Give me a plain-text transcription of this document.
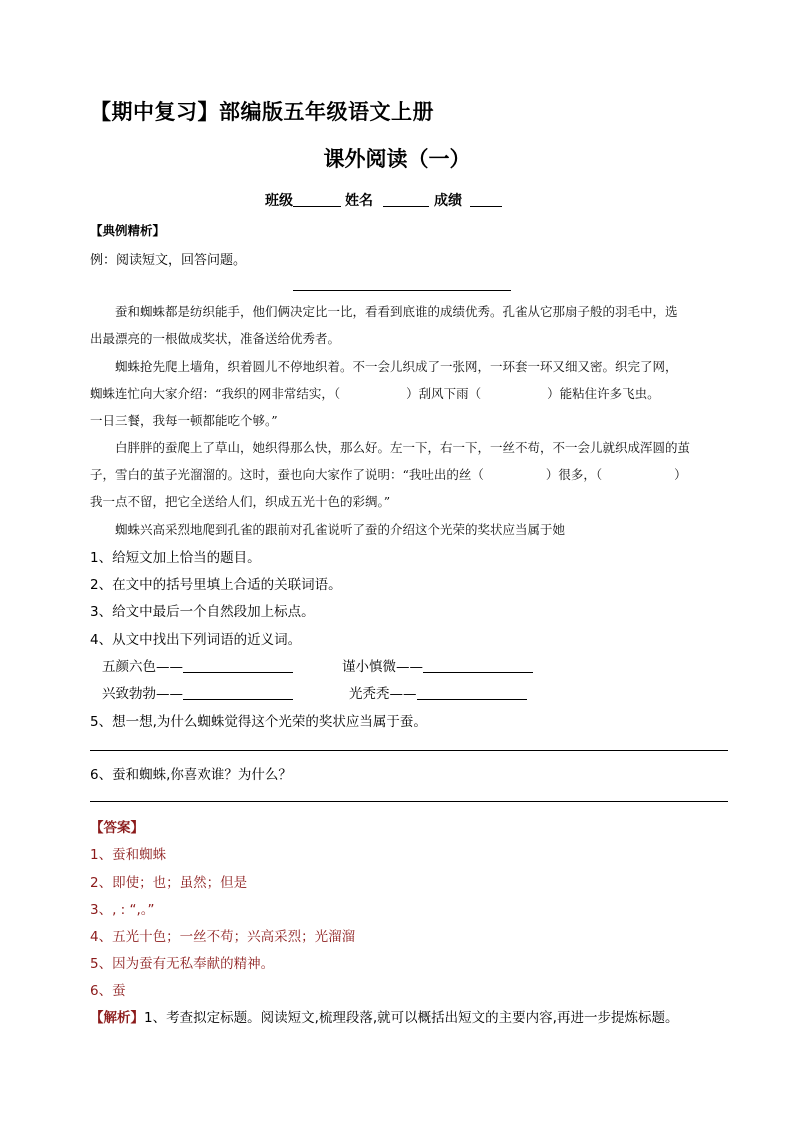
【期中复习】部编版五年级语文上册
课外阅读（一）
班级	姓名	成绩
【典例精析】
例：阅读短文，回答问题。
蚕和蜘蛛都是纺织能手，他们俩决定比一比，看看到底谁的成绩优秀。孔雀从它那扇子般的羽毛中，选
出最漂亮的一根做成奖状，准备送给优秀者。
蜘蛛抢先爬上墙角，织着圆儿不停地织着。不一会儿织成了一张网，一环套一环又细又密。织完了网，
蜘蛛连忙向大家介绍：“我织的网非常结实，（	）刮风下雨（	）能粘住许多飞虫。
一日三餐，我每一顿都能吃个够。”
白胖胖的蚕爬上了草山，她织得那么快，那么好。左一下，右一下，一丝不苟，不一会儿就织成浑圆的茧
子，雪白的茧子光溜溜的。这时，蚕也向大家作了说明：“我吐出的丝（	）很多，（	）
我一点不留，把它全送给人们，织成五光十色的彩绸。”
蜘蛛兴高采烈地爬到孔雀的跟前对孔雀说听了蚕的介绍这个光荣的奖状应当属于她
1、给短文加上恰当的题目。
2、在文中的括号里填上合适的关联词语。
3、给文中最后一个自然段加上标点。
4、从文中找出下列词语的近义词。
五颜六色——	谨小慎微——
兴致勃勃——	光秃秃——
5、想一想,为什么蜘蛛觉得这个光荣的奖状应当属于蚕。
6、蚕和蜘蛛,你喜欢谁？为什么？
【答案】
1、蚕和蜘蛛
2、即使；也；虽然；但是
3、, : “,。”
4、五光十色；一丝不苟；兴高采烈；光溜溜
5、因为蚕有无私奉献的精神。
6、蚕
【解析】1、考查拟定标题。阅读短文,梳理段落,就可以概括出短文的主要内容,再进一步提炼标题。
